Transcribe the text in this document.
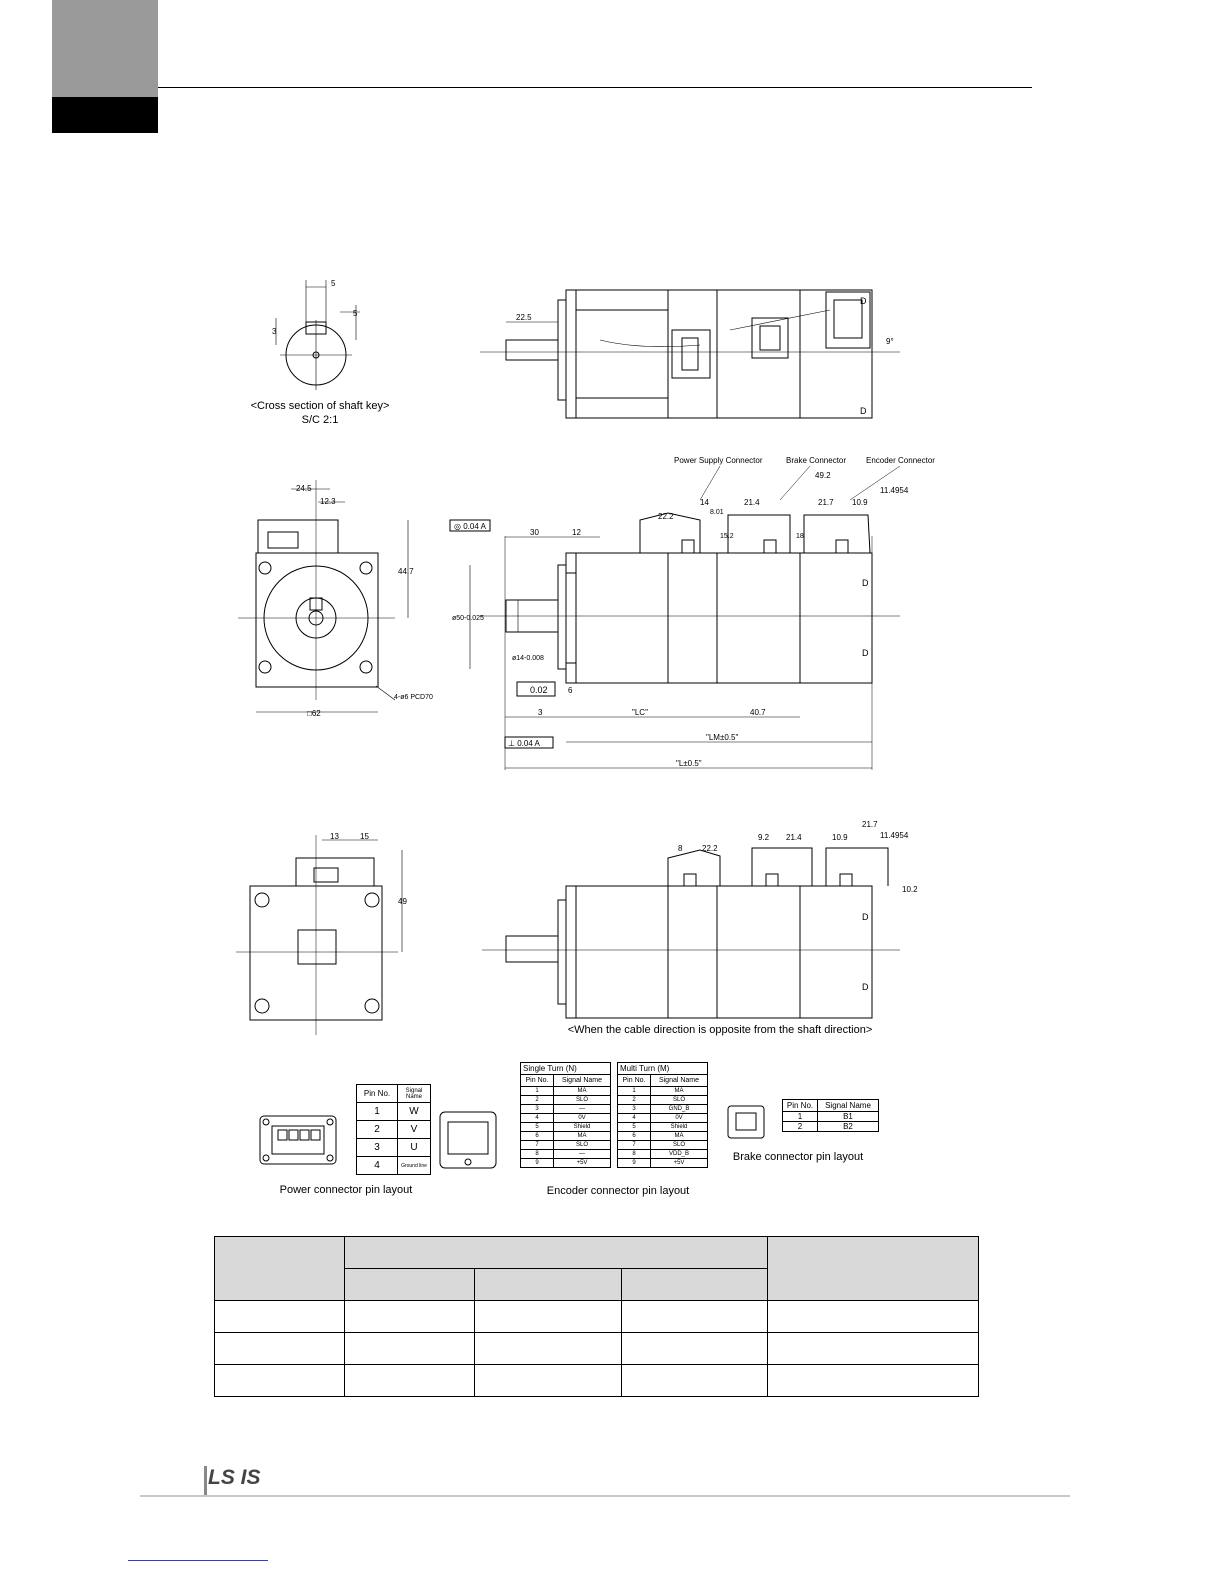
5
5
3
22.5
9°
D
D
□62
24.5
12.3
44.7
4-ø6 PCD70
◎ 0.04 A
0.02
⊥ 0.04 A
30	12
22.2
14
8.01
21.4
49.2
21.7 10.9
11.4954
15.2	18
ø50-0.025
ø14-0.008
6
3	"LC"	40.7
"LM±0.5"
"L±0.5"
Power Supply Connector	Brake Connector Encoder Connector
D
D
13	15
49
8 22.2
9.2 21.4	10.9
21.7
11.4954
10.2
D
D
<Cross section of shaft key>
S/C 2:1
<When the cable direction is opposite from the shaft direction>
Pin No.	Signal Name
1	W
2	V
3	U
4	Ground line
Power connector pin layout
Single Turn (N)	
Pin No.	Signal Name
1	MA
2	SLO
3	—
4	0V
5	Shield
6	MA
7	SLO
8	—
9	+5V
Multi Turn (M)	
Pin No.	Signal Name
1	MA
2	SLO
3	GND_B
4	0V
5	Shield
6	MA
7	SLO
8	VDD_B
9	+5V
Encoder connector pin layout
Pin No.	Signal Name
1	B1
2	B2
Brake connector pin layout

LS IS
